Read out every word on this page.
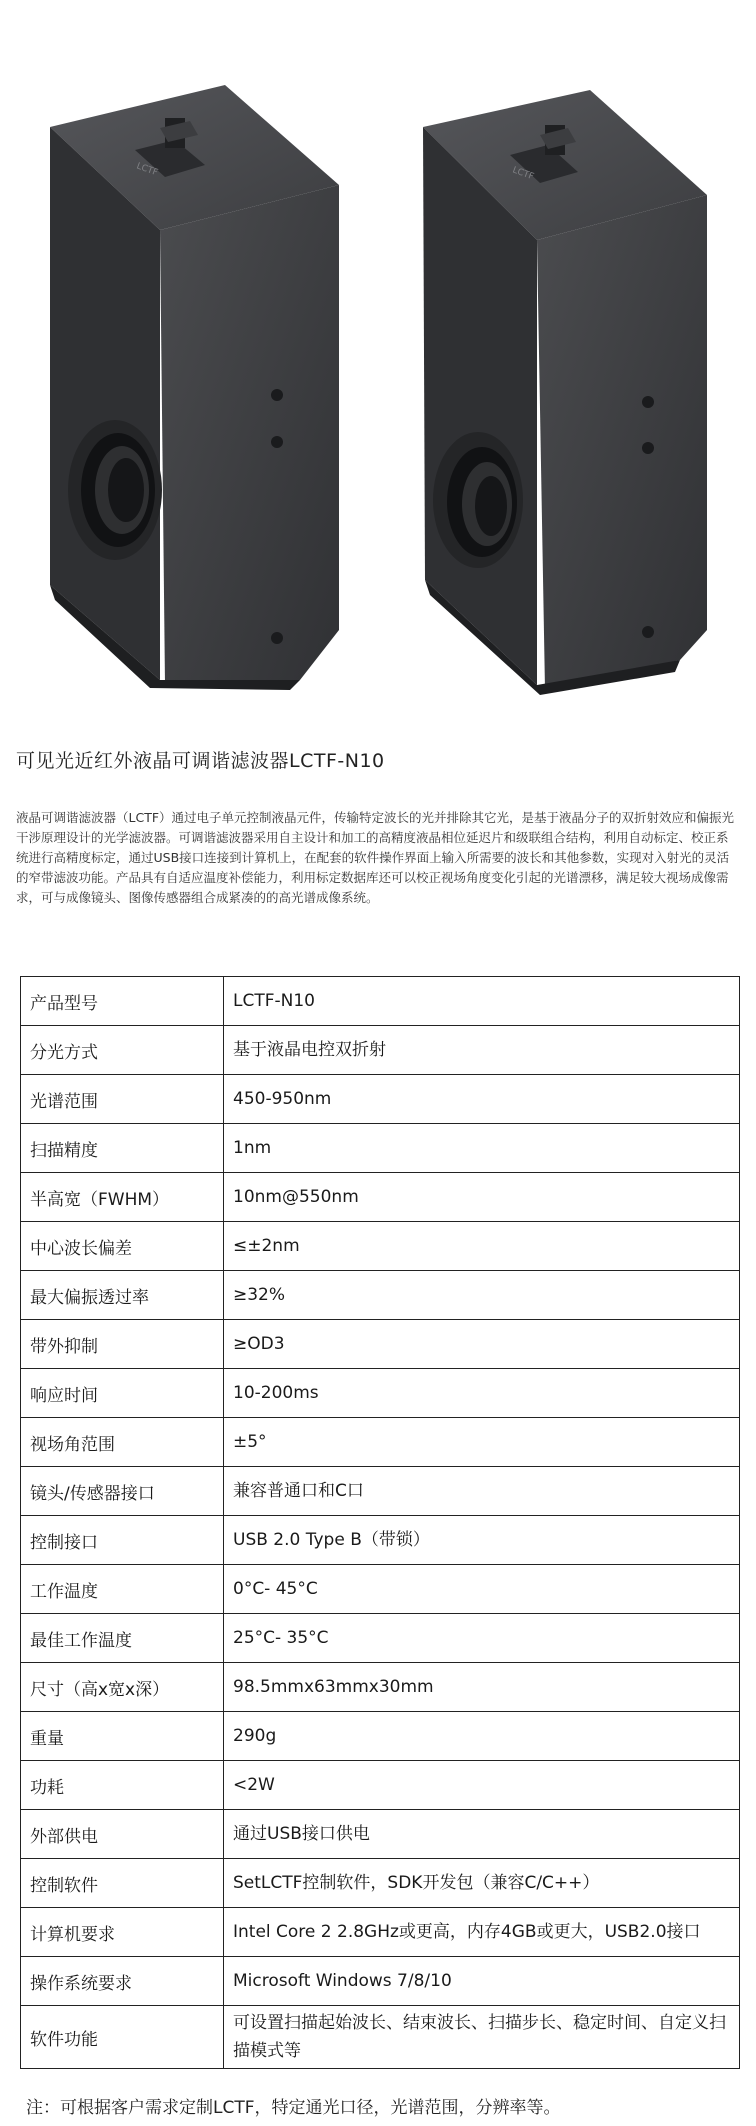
LCTF	LCTF
可见光近红外液晶可调谐滤波器LCTF-N10
液晶可调谐滤波器（LCTF）通过电子单元控制液晶元件，传输特定波长的光并排除其它光，是基于液晶分子的双折射效应和偏振光干涉原理设计的光学滤波器。可调谐滤波器采用自主设计和加工的高精度液晶相位延迟片和级联组合结构，利用自动标定、校正系统进行高精度标定，通过USB接口连接到计算机上，在配套的软件操作界面上输入所需要的波长和其他参数，实现对入射光的灵活的窄带滤波功能。产品具有自适应温度补偿能力，利用标定数据库还可以校正视场角度变化引起的光谱漂移，满足较大视场成像需求，可与成像镜头、图像传感器组合成紧凑的的高光谱成像系统。
产品型号	LCTF-N10
分光方式	基于液晶电控双折射
光谱范围	450-950nm
扫描精度	1nm
半高宽（FWHM）	10nm@550nm
中心波长偏差	≤±2nm
最大偏振透过率	≥32%
带外抑制	≥OD3
响应时间	10-200ms
视场角范围	±5°
镜头/传感器接口	兼容普通口和C口
控制接口	USB 2.0 Type B（带锁）
工作温度	0°C- 45°C
最佳工作温度	25°C- 35°C
尺寸（高x宽x深）	98.5mmx63mmx30mm
重量	290g
功耗	<2W
外部供电	通过USB接口供电
控制软件	SetLCTF控制软件，SDK开发包（兼容C/C++）
计算机要求	Intel Core 2 2.8GHz或更高，内存4GB或更大，USB2.0接口
操作系统要求	Microsoft Windows 7/8/10
软件功能	可设置扫描起始波长、结束波长、扫描步长、稳定时间、自定义扫描模式等
注：可根据客户需求定制LCTF，特定通光口径，光谱范围，分辨率等。
